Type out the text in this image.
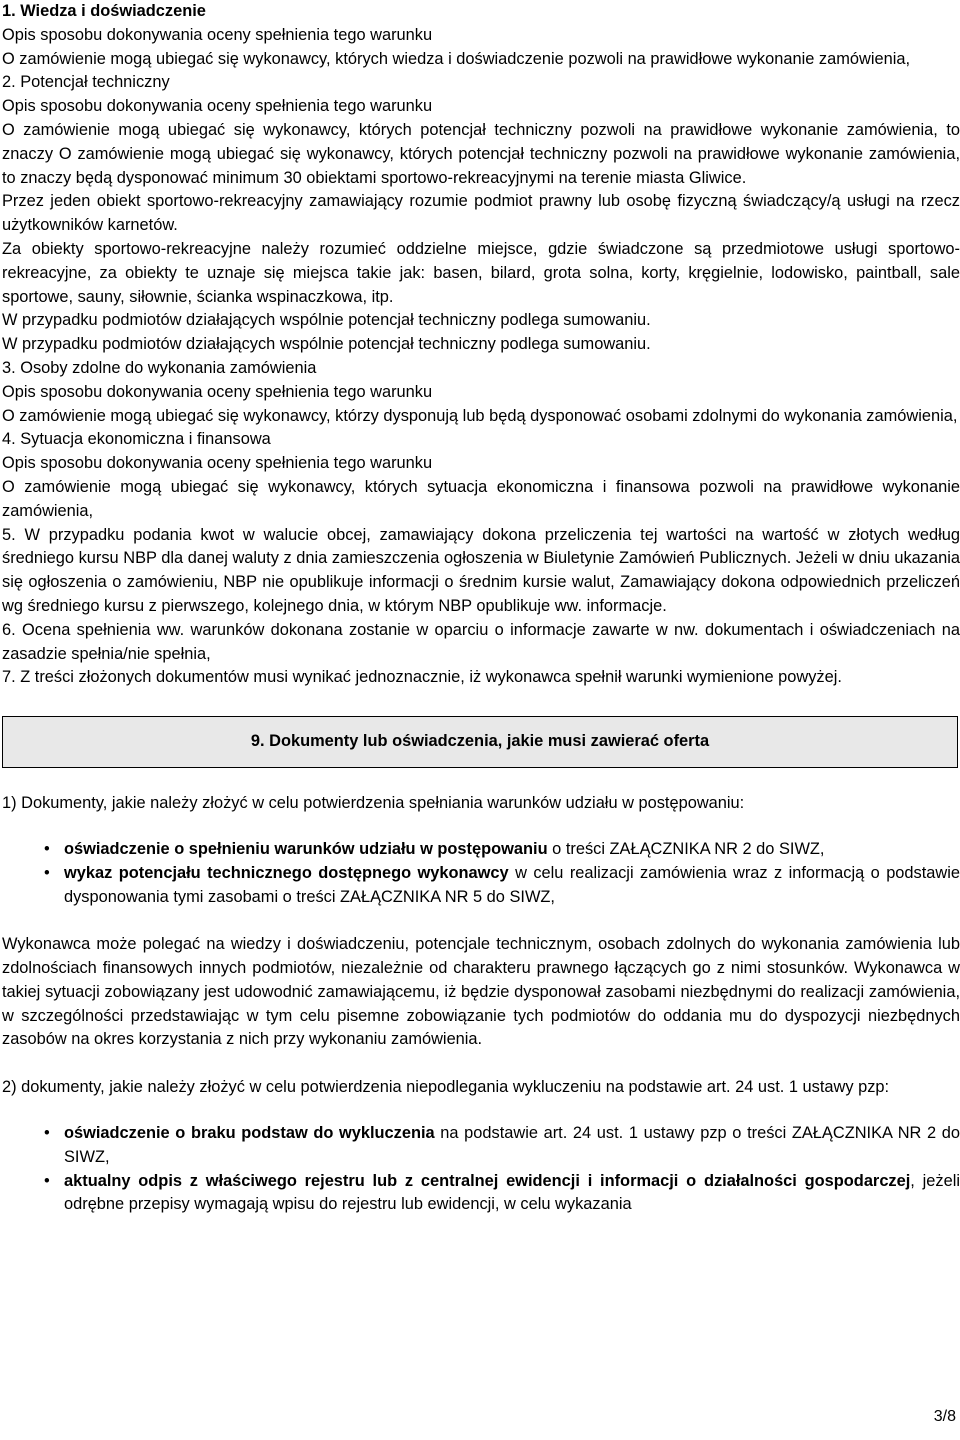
1. Wiedza i doświadczenie

Opis sposobu dokonywania oceny spełnienia tego warunku

O zamówienie mogą ubiegać się wykonawcy, których wiedza i doświadczenie pozwoli na prawidłowe wykonanie zamówienia,

2. Potencjał techniczny

Opis sposobu dokonywania oceny spełnienia tego warunku

O zamówienie mogą ubiegać się wykonawcy, których potencjał techniczny pozwoli na prawidłowe wykonanie zamówienia, to znaczy O zamówienie mogą ubiegać się wykonawcy, których potencjał techniczny pozwoli na prawidłowe wykonanie zamówienia, to znaczy będą dysponować minimum 30 obiektami sportowo-rekreacyjnymi na terenie miasta Gliwice.

Przez jeden obiekt sportowo-rekreacyjny zamawiający rozumie podmiot prawny lub osobę fizyczną świadczący/ą usługi na rzecz użytkowników karnetów.

Za obiekty sportowo-rekreacyjne należy rozumieć oddzielne miejsce, gdzie świadczone są przedmiotowe usługi sportowo-rekreacyjne, za obiekty te uznaje się miejsca takie jak: basen, bilard, grota solna, korty, kręgielnie, lodowisko, paintball, sale sportowe, sauny, siłownie, ścianka wspinaczkowa, itp.

W przypadku podmiotów działających wspólnie potencjał techniczny podlega sumowaniu.

W przypadku podmiotów działających wspólnie potencjał techniczny podlega sumowaniu.

3. Osoby zdolne do wykonania zamówienia

Opis sposobu dokonywania oceny spełnienia tego warunku

O zamówienie mogą ubiegać się wykonawcy, którzy dysponują lub będą dysponować osobami zdolnymi do wykonania zamówienia,

4. Sytuacja ekonomiczna i finansowa

Opis sposobu dokonywania oceny spełnienia tego warunku

O zamówienie mogą ubiegać się wykonawcy, których sytuacja ekonomiczna i finansowa pozwoli na prawidłowe wykonanie zamówienia,

5. W przypadku podania kwot w walucie obcej, zamawiający dokona przeliczenia tej wartości na wartość w złotych według średniego kursu NBP dla danej waluty z dnia zamieszczenia ogłoszenia w Biuletynie Zamówień Publicznych. Jeżeli w dniu ukazania się ogłoszenia o zamówieniu, NBP nie opublikuje informacji o średnim kursie walut, Zamawiający dokona odpowiednich przeliczeń wg średniego kursu z pierwszego, kolejnego dnia, w którym NBP opublikuje ww. informacje.

6. Ocena spełnienia ww. warunków dokonana zostanie w oparciu o informacje zawarte w nw. dokumentach i oświadczeniach na zasadzie spełnia/nie spełnia,

7. Z treści złożonych dokumentów musi wynikać jednoznacznie, iż wykonawca spełnił warunki wymienione powyżej.

9. Dokumenty lub oświadczenia, jakie musi zawierać oferta

1) Dokumenty, jakie należy złożyć w celu potwierdzenia spełniania warunków udziału w postępowaniu:

• oświadczenie o spełnieniu warunków udziału w postępowaniu o treści ZAŁĄCZNIKA NR 2 do SIWZ,
• wykaz potencjału technicznego dostępnego wykonawcy w celu realizacji zamówienia wraz z informacją o podstawie dysponowania tymi zasobami o treści ZAŁĄCZNIKA NR 5 do SIWZ,

Wykonawca może polegać na wiedzy i doświadczeniu, potencjale technicznym, osobach zdolnych do wykonania zamówienia lub zdolnościach finansowych innych podmiotów, niezależnie od charakteru prawnego łączących go z nimi stosunków. Wykonawca w takiej sytuacji zobowiązany jest udowodnić zamawiającemu, iż będzie dysponował zasobami niezbędnymi do realizacji zamówienia, w szczególności przedstawiając w tym celu pisemne zobowiązanie tych podmiotów do oddania mu do dyspozycji niezbędnych zasobów na okres korzystania z nich przy wykonaniu zamówienia.

2) dokumenty, jakie należy złożyć w celu potwierdzenia niepodlegania wykluczeniu na podstawie art. 24 ust. 1 ustawy pzp:

• oświadczenie o braku podstaw do wykluczenia na podstawie art. 24 ust. 1 ustawy pzp o treści ZAŁĄCZNIKA NR 2 do SIWZ,
• aktualny odpis z właściwego rejestru lub z centralnej ewidencji i informacji o działalności gospodarczej, jeżeli odrębne przepisy wymagają wpisu do rejestru lub ewidencji, w celu wykazania
3/8
